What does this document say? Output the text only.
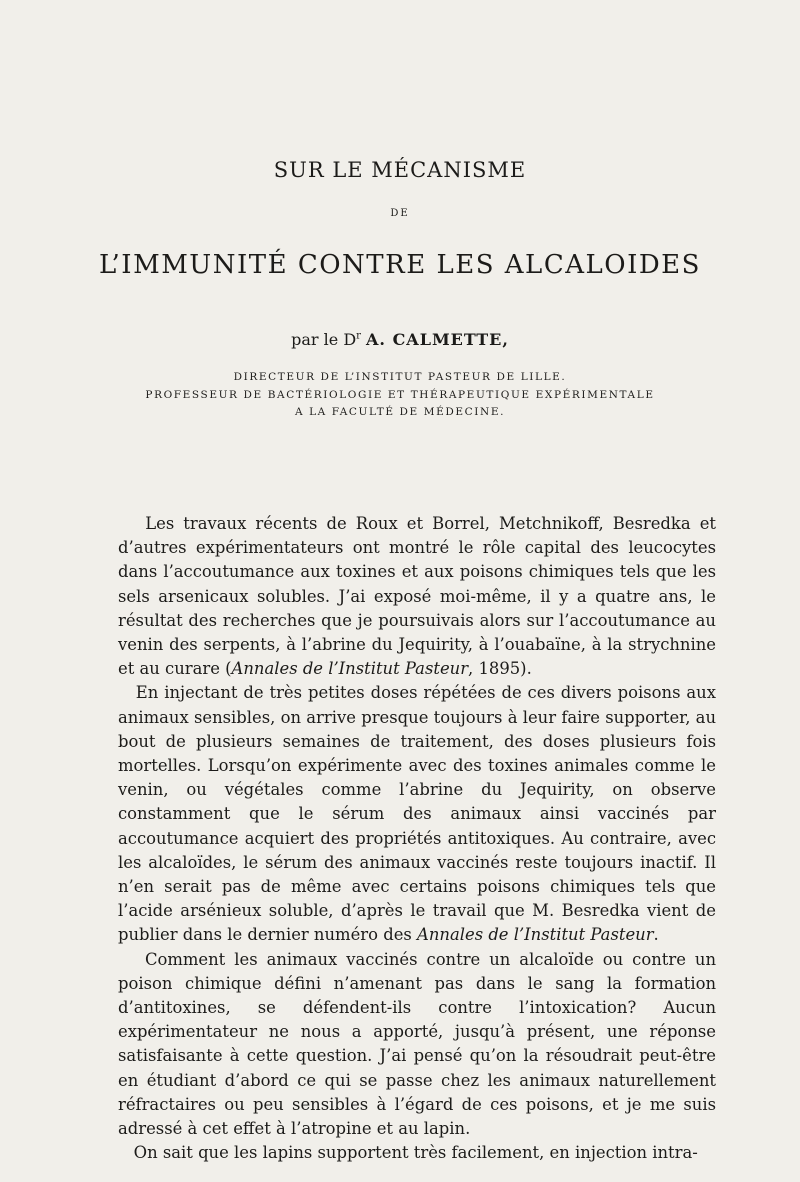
SUR LE MÉCANISME
DE
L’IMMUNITÉ CONTRE LES ALCALOIDES
par le $D^r$ A. CALMETTE,
DIRECTEUR DE L’INSTITUT PASTEUR DE LILLE.
PROFESSEUR DE BACTÉRIOLOGIE ET THÉRAPEUTIQUE EXPÉRIMENTALE
A LA FACULTÉ DE MÉDECINE.

Les travaux récents de Roux et Borrel, Metchnikoff, Besredka et d’autres expérimentateurs ont montré le rôle capital des leucocytes dans l’accoutumance aux toxines et aux poisons chimiques tels que les sels arsenicaux solubles. J’ai exposé moi-même, il y a quatre ans, le résultat des recherches que je poursuivais alors sur l’accoutumance au venin des serpents, à l’abrine du Jequirity, à l’ouabaïne, à la strychnine et au curare (Annales de l’Institut Pasteur, 1895).

En injectant de très petites doses répétées de ces divers poisons aux animaux sensibles, on arrive presque toujours à leur faire supporter, au bout de plusieurs semaines de traitement, des doses plusieurs fois mortelles. Lorsqu’on expérimente avec des toxines animales comme le venin, ou végétales comme l’abrine du Jequirity, on observe constamment que le sérum des animaux ainsi vaccinés par accoutumance acquiert des propriétés antitoxiques. Au contraire, avec les alcaloïdes, le sérum des animaux vaccinés reste toujours inactif. Il n’en serait pas de même avec certains poisons chimiques tels que l’acide arsénieux soluble, d’après le travail que M. Besredka vient de publier dans le dernier numéro des Annales de l’Institut Pasteur.

Comment les animaux vaccinés contre un alcaloïde ou contre un poison chimique défini n’amenant pas dans le sang la formation d’antitoxines, se défendent-ils contre l’intoxication? Aucun expérimentateur ne nous a apporté, jusqu’à présent, une réponse satisfaisante à cette question. J’ai pensé qu’on la résoudrait peut-être en étudiant d’abord ce qui se passe chez les animaux naturellement réfractaires ou peu sensibles à l’égard de ces poisons, et je me suis adressé à cet effet à l’atropine et au lapin.

On sait que les lapins supportent très facilement, en injection intra-
